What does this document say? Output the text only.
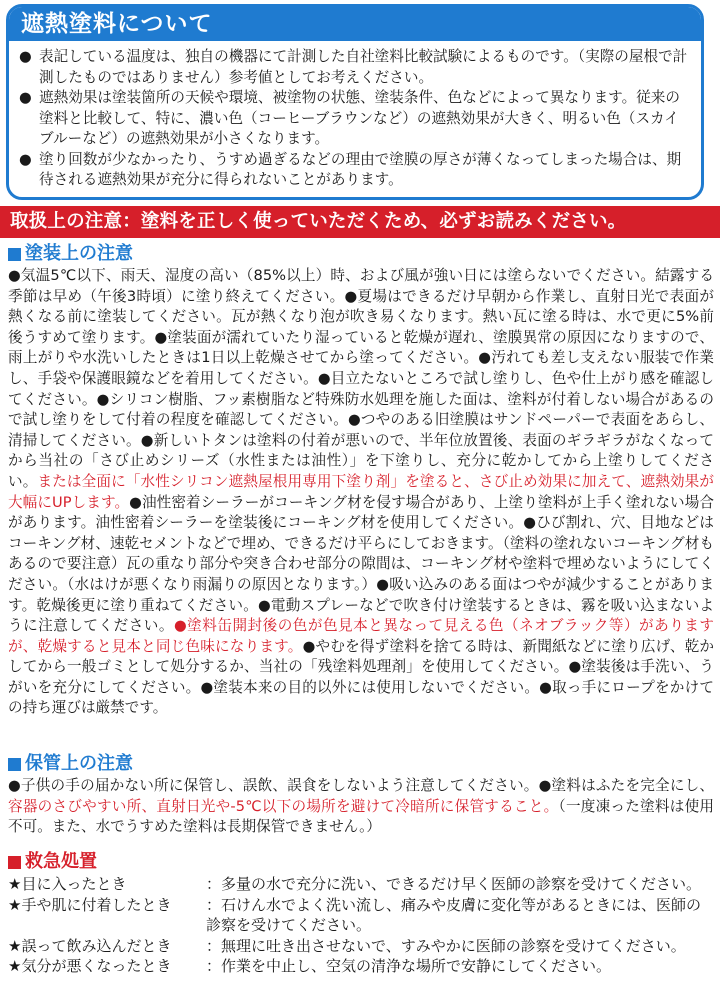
遮熱塗料について
● 表記している温度は、独自の機器にて計測した自社塗料比較試験によるものです。（実際の屋根で計測したものではありません）参考値としてお考えください。
● 遮熱効果は塗装箇所の天候や環境、被塗物の状態、塗装条件、色などによって異なります。従来の塗料と比較して、特に、濃い色（コーヒーブラウンなど）の遮熱効果が大きく、明るい色（スカイブルーなど）の遮熱効果が小さくなります。
● 塗り回数が少なかったり、うすめ過ぎるなどの理由で塗膜の厚さが薄くなってしまった場合は、期待される遮熱効果が充分に得られないことがあります。
取扱上の注意：塗料を正しく使っていただくため、必ずお読みください。
塗装上の注意
●気温5℃以下、雨天、湿度の高い（85%以上）時、および風が強い日には塗らないでください。結露する季節は早め（午後3時頃）に塗り終えてください。●夏場はできるだけ早朝から作業し、直射日光で表面が熱くなる前に塗装してください。瓦が熱くなり泡が吹き易くなります。熱い瓦に塗る時は、水で更に5%前後うすめて塗ります。●塗装面が濡れていたり湿っていると乾燥が遅れ、塗膜異常の原因になりますので、雨上がりや水洗いしたときは1日以上乾燥させてから塗ってください。●汚れても差し支えない服装で作業し、手袋や保護眼鏡などを着用してください。●目立たないところで試し塗りし、色や仕上がり感を確認してください。●シリコン樹脂、フッ素樹脂など特殊防水処理を施した面は、塗料が付着しない場合があるので試し塗りをして付着の程度を確認してください。●つやのある旧塗膜はサンドペーパーで表面をあらし、清掃してください。●新しいトタンは塗料の付着が悪いので、半年位放置後、表面のギラギラがなくなってから当社の「さび止めシリーズ（水性または油性）」を下塗りし、充分に乾かしてから上塗りしてください。または全面に「水性シリコン遮熱屋根用専用下塗り剤」を塗ると、さび止め効果に加えて、遮熱効果が大幅にUPします。●油性密着シーラーがコーキング材を侵す場合があり、上塗り塗料が上手く塗れない場合があります。油性密着シーラーを塗装後にコーキング材を使用してください。●ひび割れ、穴、目地などはコーキング材、速乾セメントなどで埋め、できるだけ平らにしておきます。（塗料の塗れないコーキング材もあるので要注意）瓦の重なり部分や突き合わせ部分の隙間は、コーキング材や塗料で埋めないようにしてください。（水はけが悪くなり雨漏りの原因となります。）●吸い込みのある面はつやが減少することがあります。乾燥後更に塗り重ねてください。●電動スプレーなどで吹き付け塗装するときは、霧を吸い込まないように注意してください。●塗料缶開封後の色が色見本と異なって見える色（ネオブラック等）がありますが、乾燥すると見本と同じ色味になります。●やむを得ず塗料を捨てる時は、新聞紙などに塗り広げ、乾かしてから一般ゴミとして処分するか、当社の「残塗料処理剤」を使用してください。●塗装後は手洗い、うがいを充分にしてください。●塗装本来の目的以外には使用しないでください。●取っ手にロープをかけての持ち運びは厳禁です。
保管上の注意
●子供の手の届かない所に保管し、誤飲、誤食をしないよう注意してください。●塗料はふたを完全にし、容器のさびやすい所、直射日光や-5℃以下の場所を避けて冷暗所に保管すること。（一度凍った塗料は使用不可。また、水でうすめた塗料は長期保管できません。）
救急処置
★目に入ったとき	：多量の水で充分に洗い、できるだけ早く医師の診察を受けてください。
★手や肌に付着したとき	：石けん水でよく洗い流し、痛みや皮膚に変化等があるときには、医師の診察を受けてください。
★誤って飲み込んだとき	：無理に吐き出させないで、すみやかに医師の診察を受けてください。
★気分が悪くなったとき	：作業を中止し、空気の清浄な場所で安静にしてください。
